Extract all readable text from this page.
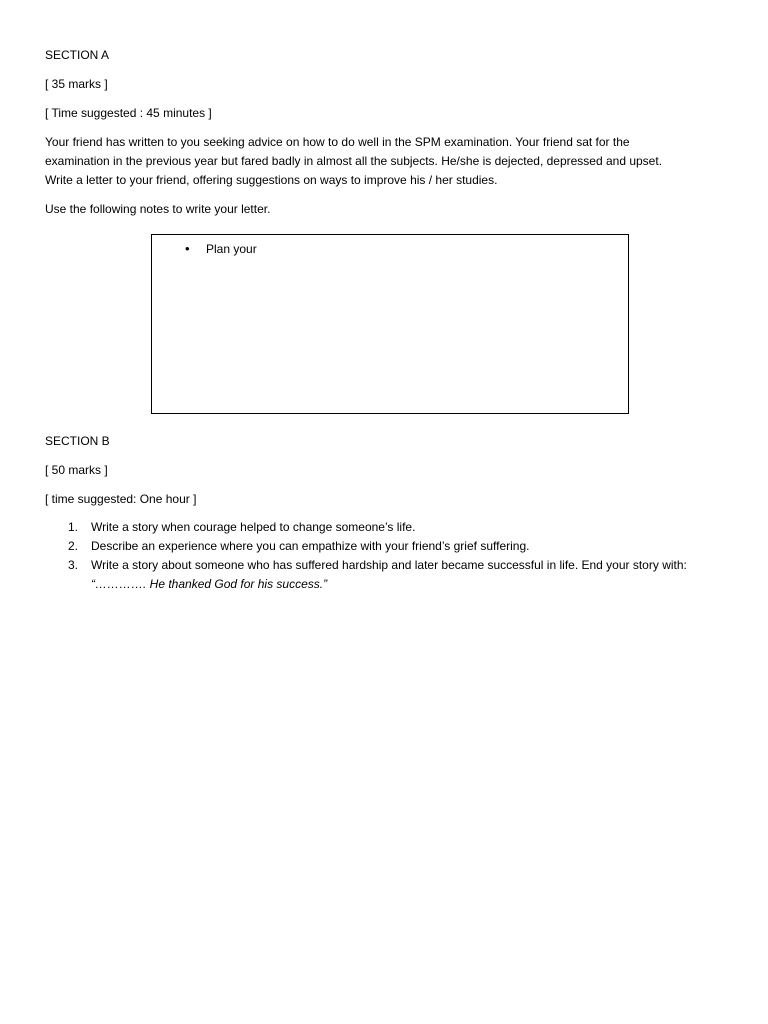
SECTION A
[ 35 marks ]
[ Time suggested : 45 minutes ]
Your friend has written to you seeking advice on how to do well in the SPM examination. Your friend sat for the
examination in the previous year but fared badly in almost all the subjects. He/she is dejected, depressed and upset.
Write a letter to your friend, offering suggestions on ways to improve his / her studies.
Use the following notes to write your letter.
• Plan your
SECTION B
[ 50 marks ]
[ time suggested: One hour ]
1. Write a story when courage helped to change someone’s life.
2. Describe an experience where you can empathize with your friend’s grief suffering.
3. Write a story about someone who has suffered hardship and later became successful in life. End your story with:
“…………. He thanked God for his success.”
